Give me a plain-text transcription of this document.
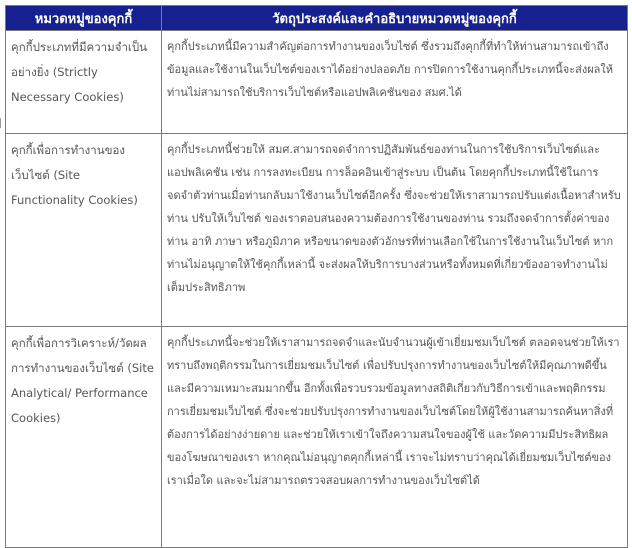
หมวดหมู่ของคุกกี้	วัตถุประสงค์และคำอธิบายหมวดหมู่ของคุกกี้
คุกกี้ประเภทที่มีความจำเป็นอย่างยิ่ง (Strictly Necessary Cookies)	คุกกี้ประเภทนี้มีความสำคัญต่อการทำงานของเว็บไซต์ ซึ่งรวมถึงคุกกี้ที่ทำให้ท่านสามารถเข้าถึงข้อมูลและใช้งานในเว็บไซต์ของเราได้อย่างปลอดภัย การปิดการใช้งานคุกกี้ประเภทนี้จะส่งผลให้ท่านไม่สามารถใช้บริการเว็บไซต์หรือแอปพลิเคชันของ สมศ.ได้
คุกกี้เพื่อการทำงานของเว็บไซต์ (Site Functionality Cookies)	คุกกี้ประเภทนี้ช่วยให้ สมศ.สามารถจดจำการปฏิสัมพันธ์ของท่านในการใช้บริการเว็บไซต์และแอปพลิเคชัน เช่น การลงทะเบียน การล็อคอินเข้าสู่ระบบ เป็นต้น โดยคุกกี้ประเภทนี้ใช้ในการจดจำตัวท่านเมื่อท่านกลับมาใช้งานเว็บไซต์อีกครั้ง ซึ่งจะช่วยให้เราสามารถปรับแต่งเนื้อหาสำหรับท่าน ปรับให้เว็บไซต์ ของเราตอบสนองความต้องการใช้งานของท่าน รวมถึงจดจำการตั้งค่าของท่าน อาทิ ภาษา หรือภูมิภาค หรือขนาดของตัวอักษรที่ท่านเลือกใช้ในการใช้งานในเว็บไซต์ หากท่านไม่อนุญาตให้ใช้คุกกี้เหล่านี้ จะส่งผลให้บริการบางส่วนหรือทั้งหมดที่เกี่ยวข้องอาจทำงานไม่เต็มประสิทธิภาพ
คุกกี้เพื่อการวิเคราะห์/วัดผลการทำงานของเว็บไซต์ (Site Analytical/ Performance Cookies)	คุกกี้ประเภทนี้จะช่วยให้เราสามารถจดจำและนับจำนวนผู้เข้าเยี่ยมชมเว็บไซต์ ตลอดจนช่วยให้เราทราบถึงพฤติกรรมในการเยี่ยมชมเว็บไซต์ เพื่อปรับปรุงการทำงานของเว็บไซต์ให้มีคุณภาพดีขึ้นและมีความเหมาะสมมากขึ้น อีกทั้งเพื่อรวบรวมข้อมูลทางสถิติเกี่ยวกับวิธีการเข้าและพฤติกรรมการเยี่ยมชมเว็บไซต์ ซึ่งจะช่วยปรับปรุงการทำงานของเว็บไซต์โดยให้ผู้ใช้งานสามารถค้นหาสิ่งที่ต้องการได้อย่างง่ายดาย และช่วยให้เราเข้าใจถึงความสนใจของผู้ใช้ และวัดความมีประสิทธิผลของโฆษณาของเรา หากคุณไม่อนุญาตคุกกี้เหล่านี้ เราจะไม่ทราบว่าคุณได้เยี่ยมชมเว็บไซต์ของเราเมื่อใด และจะไม่สามารถตรวจสอบผลการทำงานของเว็บไซต์ได้
